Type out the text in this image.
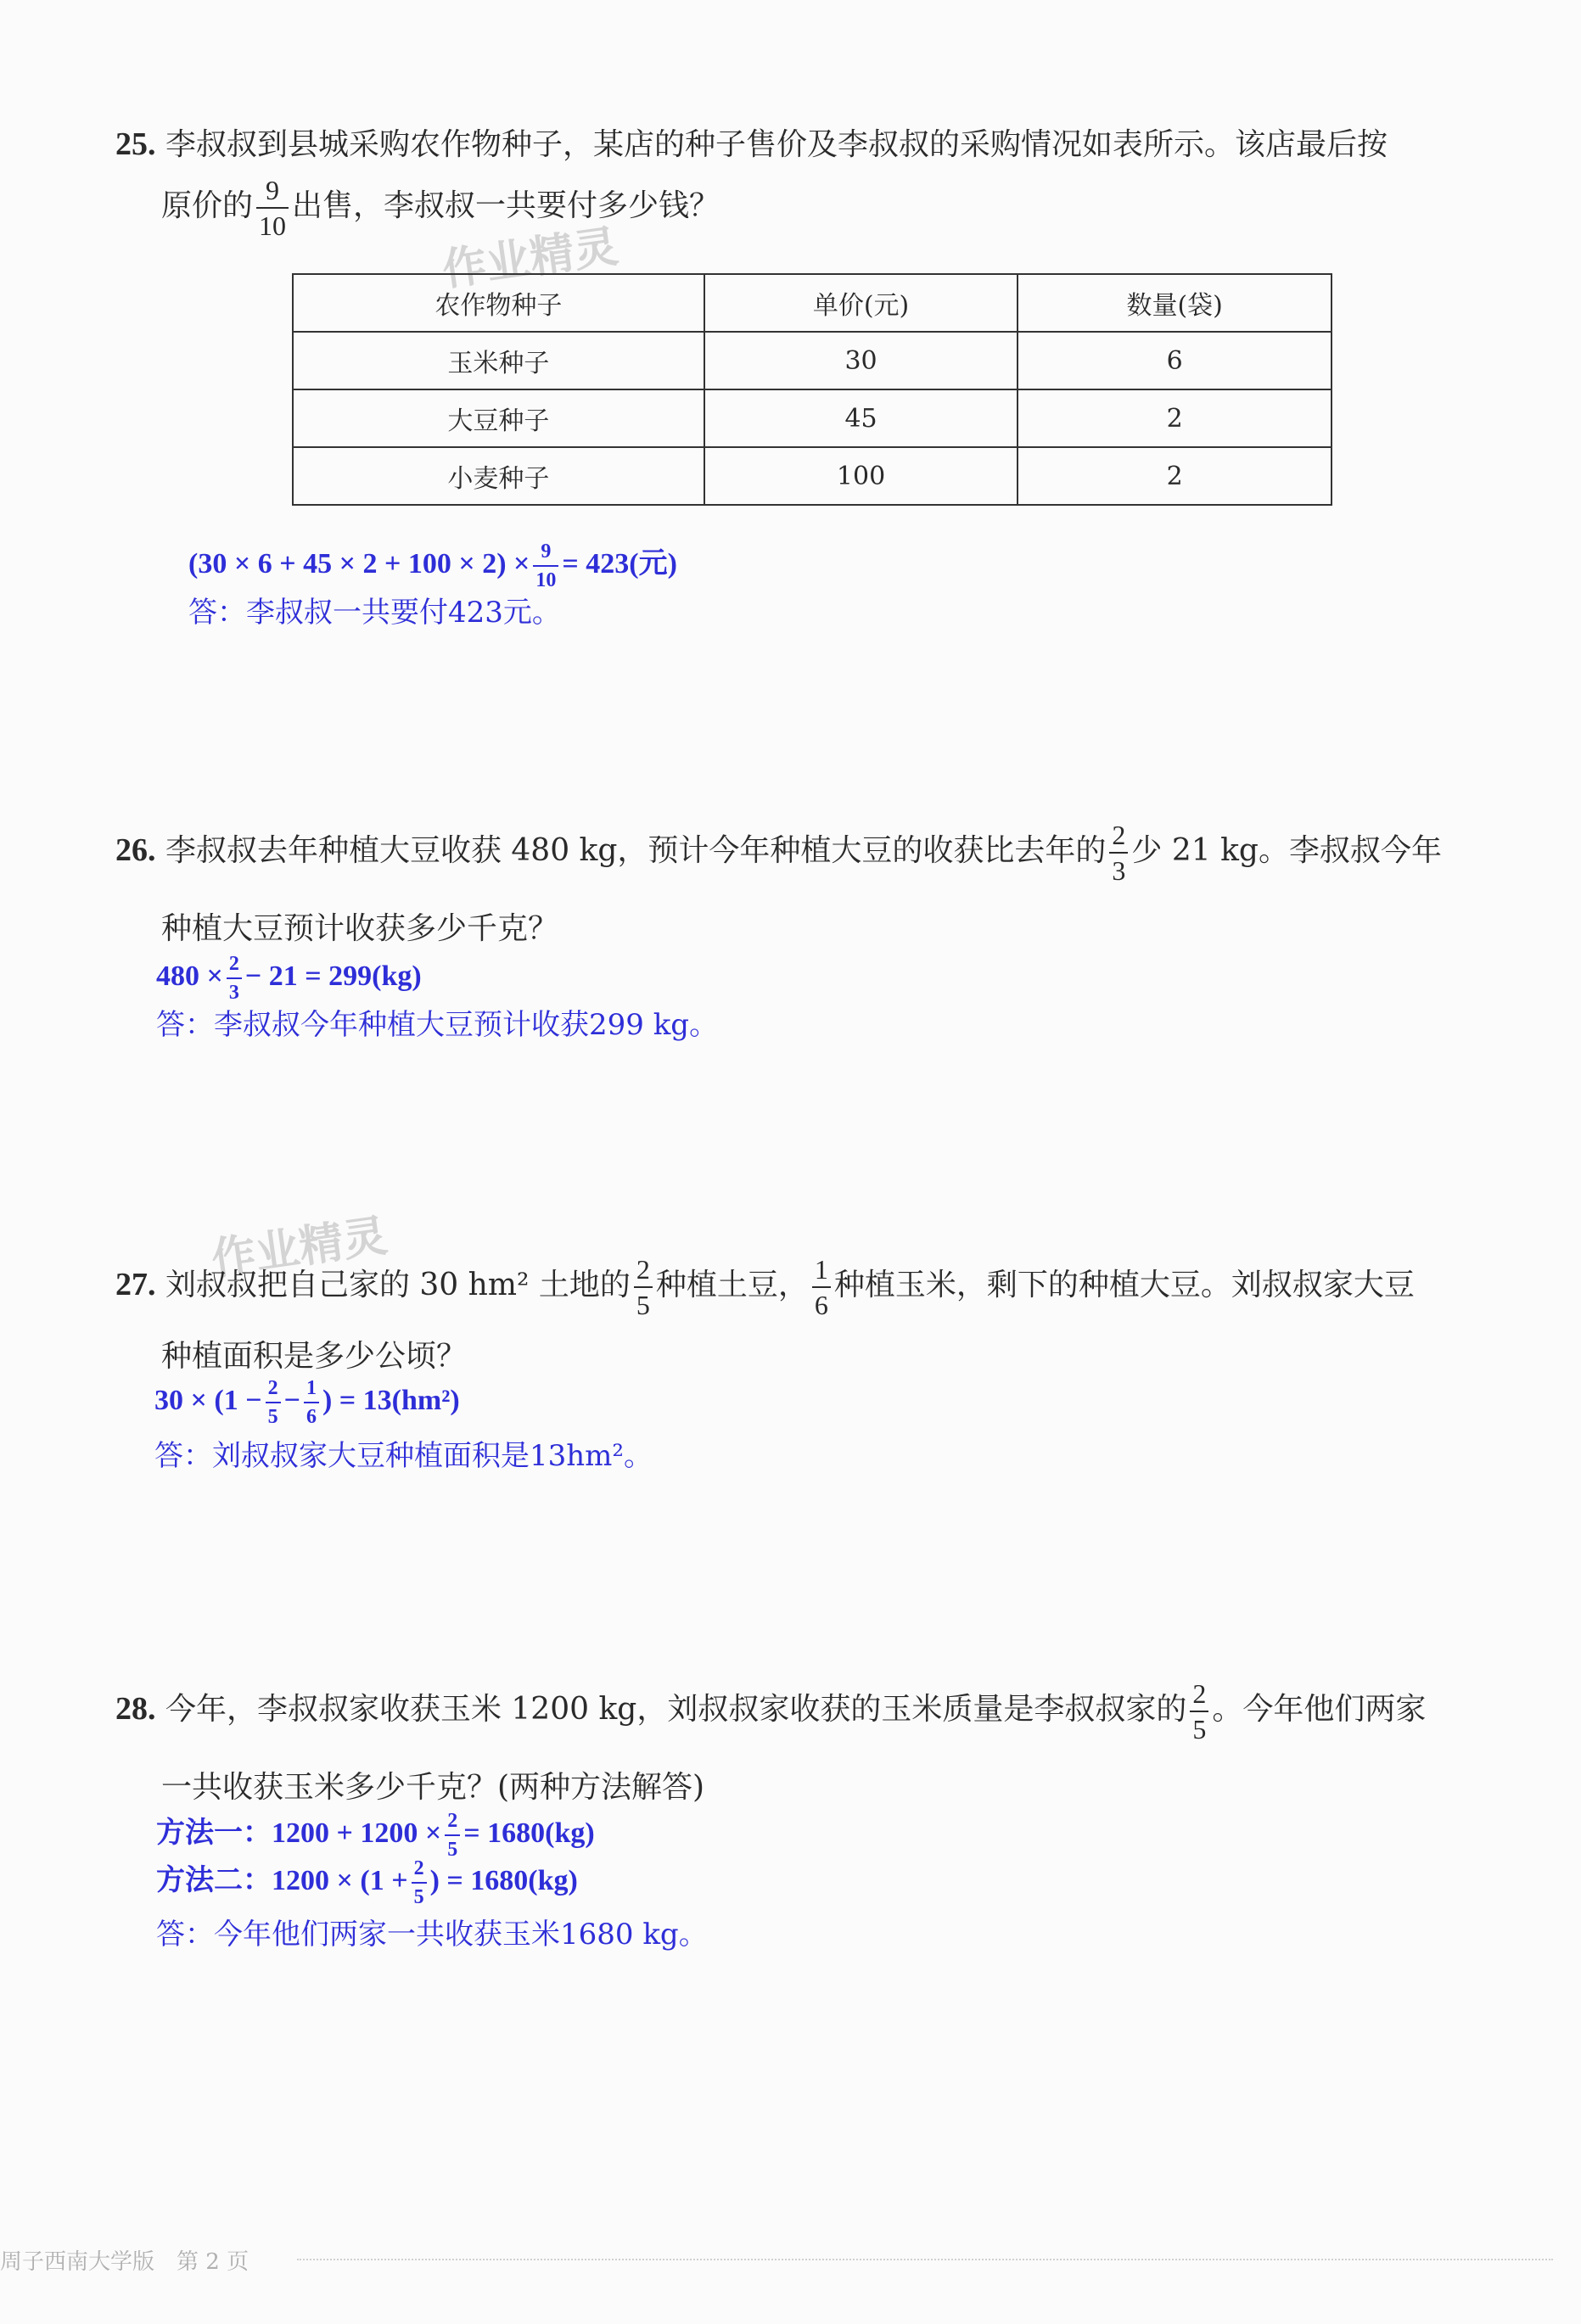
作业精灵
作业精灵
25. 李叔叔到县城采购农作物种子，某店的种子售价及李叔叔的采购情况如表所示。该店最后按
原价的 $\frac{9}{10}$ 出售，李叔叔一共要付多少钱？
农作物种子	单价(元)	数量(袋)
玉米种子	30	6
大豆种子	45	2
小麦种子	100	2
$(30 \times 6 + 45 \times 2 + 100 \times 2) \times \frac{9}{10} = 423$(元)
答：李叔叔一共要付423元。
26. 李叔叔去年种植大豆收获 480 kg，预计今年种植大豆的收获比去年的 $\frac{2}{3}$ 少 21 kg。李叔叔今年
种植大豆预计收获多少千克？
$480 \times \frac{2}{3} - 21 = 299(kg)$
答：李叔叔今年种植大豆预计收获299 kg。
27. 刘叔叔把自己家的 30 hm² 土地的 $\frac{2}{5}$ 种植土豆， $\frac{1}{6}$ 种植玉米，剩下的种植大豆。刘叔叔家大豆
种植面积是多少公顷？
$30 \times (1 - \frac{2}{5} - \frac{1}{6}$ ) = 13(hm²)
答：刘叔叔家大豆种植面积是13hm²。
28. 今年，李叔叔家收获玉米 1200 kg，刘叔叔家收获的玉米质量是李叔叔家的 $\frac{2}{5}$ 。今年他们两家
一共收获玉米多少千克？(两种方法解答)
方法一：$1200 + 1200 \times \frac{2}{5} = 1680(kg)$
方法二：$1200 \times (1 + \frac{2}{5}$ ) = 1680(kg)
答：今年他们两家一共收获玉米1680 kg。
周子西南大学版　第 2 页
